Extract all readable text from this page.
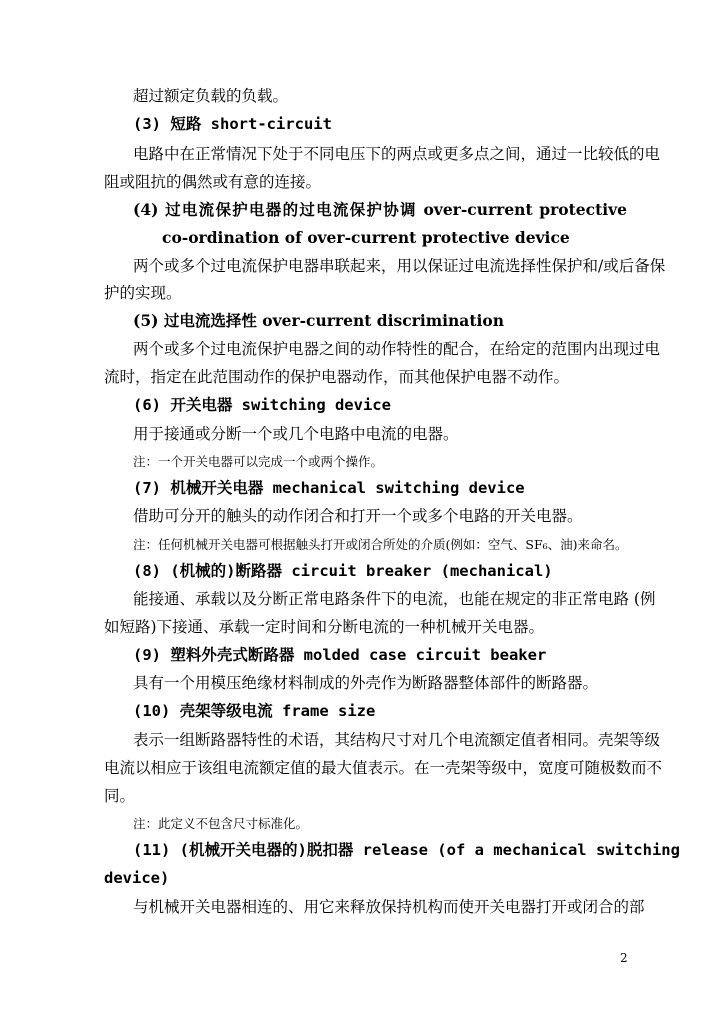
超过额定负载的负载。
(3) 短路 short-circuit
电路中在正常情况下处于不同电压下的两点或更多点之间，通过一比较低的电
阻或阻抗的偶然或有意的连接。
(4) 过电流保护电器的过电流保护协调 over-current protective
co-ordination of over-current protective device
两个或多个过电流保护电器串联起来，用以保证过电流选择性保护和/或后备保
护的实现。
(5) 过电流选择性 over-current discrimination
两个或多个过电流保护电器之间的动作特性的配合，在给定的范围内出现过电
流时，指定在此范围动作的保护电器动作，而其他保护电器不动作。
(6) 开关电器 switching device
用于接通或分断一个或几个电路中电流的电器。
注：一个开关电器可以完成一个或两个操作。
(7) 机械开关电器 mechanical switching device
借助可分开的触头的动作闭合和打开一个或多个电路的开关电器。
注：任何机械开关电器可根据触头打开或闭合所处的介质(例如：空气、SF₆、油)来命名。
(8) (机械的)断路器 circuit breaker (mechanical)
能接通、承载以及分断正常电路条件下的电流，也能在规定的非正常电路 (例
如短路)下接通、承载一定时间和分断电流的一种机械开关电器。
(9) 塑料外壳式断路器 molded case circuit beaker
具有一个用模压绝缘材料制成的外壳作为断路器整体部件的断路器。
(10) 壳架等级电流 frame size
表示一组断路器特性的术语，其结构尺寸对几个电流额定值者相同。壳架等级
电流以相应于该组电流额定值的最大值表示。在一壳架等级中，宽度可随极数而不
同。
注：此定义不包含尺寸标准化。
(11) (机械开关电器的)脱扣器 release (of a mechanical switching
device)
与机械开关电器相连的、用它来释放保持机构而使开关电器打开或闭合的部
2
